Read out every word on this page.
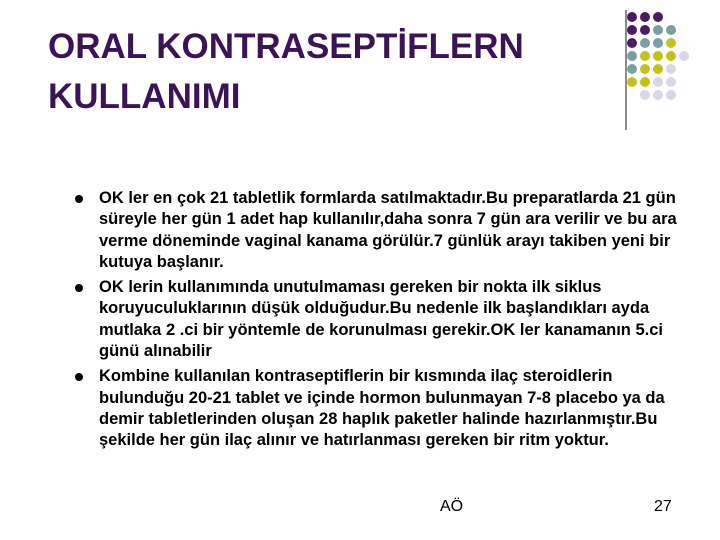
ORAL KONTRASEPTİFLERN KULLANIMI
OK ler en çok 21 tabletlik formlarda satılmaktadır.Bu preparatlarda 21 gün süreyle her gün 1 adet hap kullanılır,daha sonra 7 gün ara verilir ve bu ara verme döneminde vaginal kanama görülür.7 günlük arayı takiben yeni bir kutuya başlanır.
OK lerin kullanımında unutulmaması gereken bir nokta ilk siklus koruyuculuklarının düşük olduğudur.Bu nedenle ilk başlandıkları ayda mutlaka 2 .ci bir yöntemle de korunulması gerekir.OK ler kanamanın 5.ci günü alınabilir
Kombine kullanılan kontraseptiflerin bir kısmında ilaç steroidlerin bulunduğu 20-21 tablet ve içinde hormon bulunmayan 7-8 placebo ya da demir tabletlerinden oluşan 28 haplık paketler halinde hazırlanmıştır.Bu şekilde her gün ilaç alınır ve hatırlanması gereken bir ritm yoktur.
AÖ	27
